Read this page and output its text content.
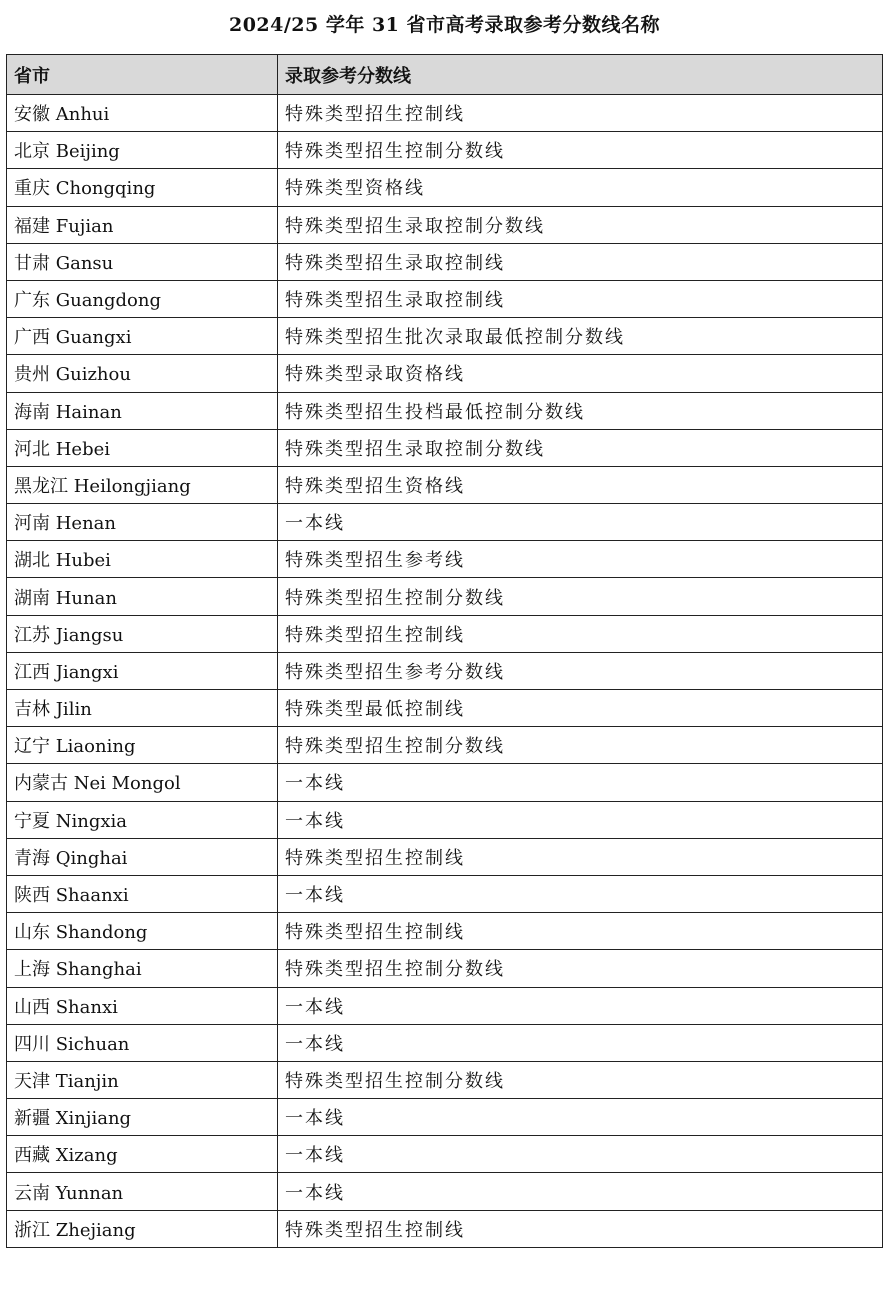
2024/25 学年 31 省市高考录取参考分数线名称
省市	录取参考分数线
安徽 Anhui	特殊类型招生控制线
北京 Beijing	特殊类型招生控制分数线
重庆 Chongqing	特殊类型资格线
福建 Fujian	特殊类型招生录取控制分数线
甘肃 Gansu	特殊类型招生录取控制线
广东 Guangdong	特殊类型招生录取控制线
广西 Guangxi	特殊类型招生批次录取最低控制分数线
贵州 Guizhou	特殊类型录取资格线
海南 Hainan	特殊类型招生投档最低控制分数线
河北 Hebei	特殊类型招生录取控制分数线
黑龙江 Heilongjiang	特殊类型招生资格线
河南 Henan	一本线
湖北 Hubei	特殊类型招生参考线
湖南 Hunan	特殊类型招生控制分数线
江苏 Jiangsu	特殊类型招生控制线
江西 Jiangxi	特殊类型招生参考分数线
吉林 Jilin	特殊类型最低控制线
辽宁 Liaoning	特殊类型招生控制分数线
内蒙古 Nei Mongol	一本线
宁夏 Ningxia	一本线
青海 Qinghai	特殊类型招生控制线
陕西 Shaanxi	一本线
山东 Shandong	特殊类型招生控制线
上海 Shanghai	特殊类型招生控制分数线
山西 Shanxi	一本线
四川 Sichuan	一本线
天津 Tianjin	特殊类型招生控制分数线
新疆 Xinjiang	一本线
西藏 Xizang	一本线
云南 Yunnan	一本线
浙江 Zhejiang	特殊类型招生控制线
